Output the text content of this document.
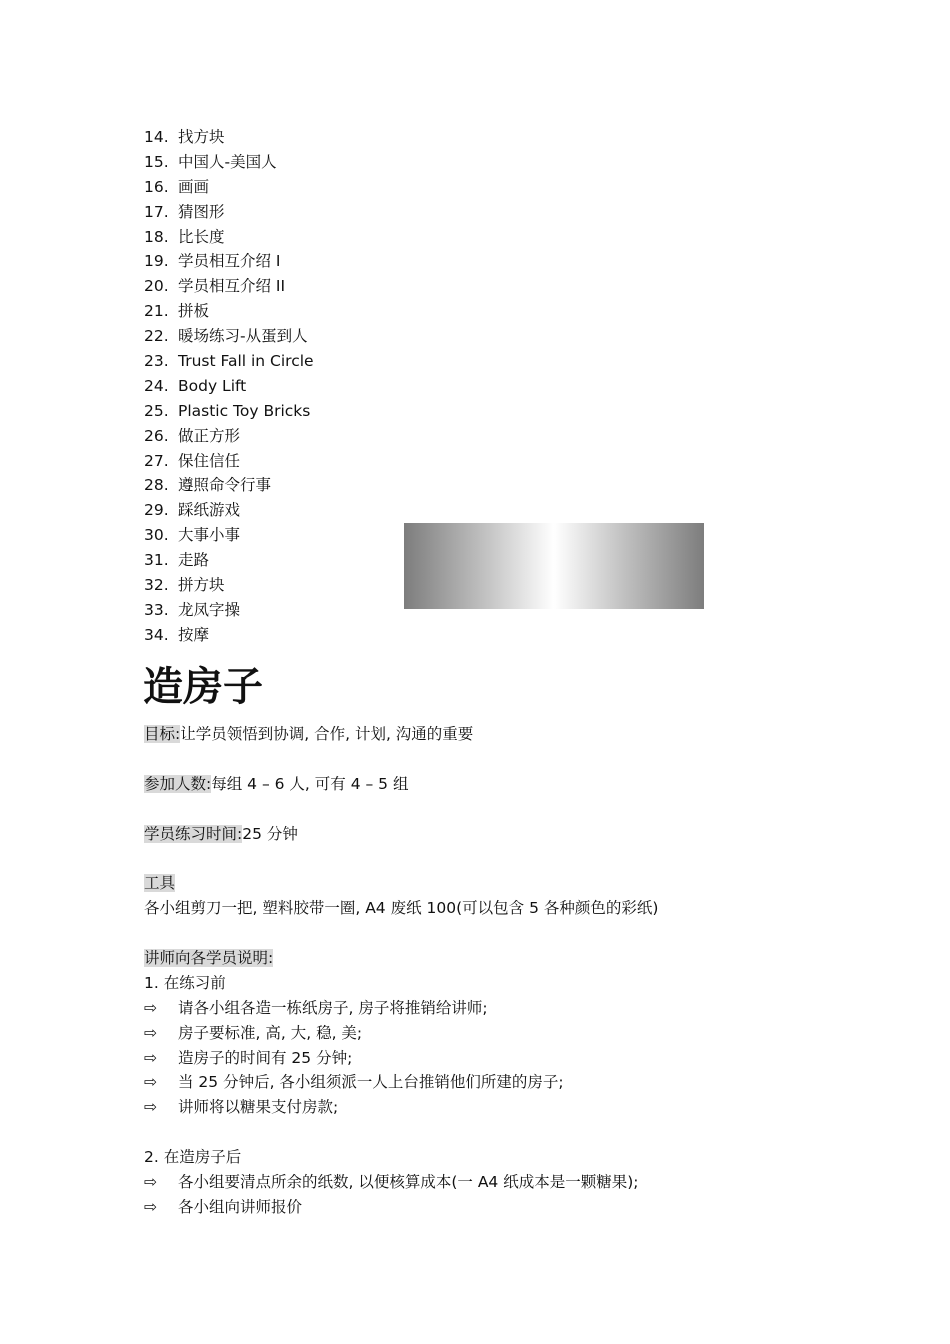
14. 找方块
15. 中国人-美国人
16. 画画
17. 猜图形
18. 比长度
19. 学员相互介绍 I
20. 学员相互介绍 II
21. 拼板
22. 暖场练习-从蛋到人
23. Trust Fall in Circle
24. Body Lift
25. Plastic Toy Bricks
26. 做正方形
27. 保住信任
28. 遵照命令行事
29. 踩纸游戏
30. 大事小事
31. 走路
32. 拼方块
33. 龙凤字操
34. 按摩
造房子
目标:让学员领悟到协调, 合作, 计划, 沟通的重要
参加人数:每组 4 – 6 人, 可有 4 – 5 组
学员练习时间:25 分钟
工具
各小组剪刀一把, 塑料胶带一圈, A4 废纸 100(可以包含 5 各种颜色的彩纸)
讲师向各学员说明:
1. 在练习前
⇨ 请各小组各造一栋纸房子, 房子将推销给讲师;
⇨ 房子要标准, 高, 大, 稳, 美;
⇨ 造房子的时间有 25 分钟;
⇨ 当 25 分钟后, 各小组须派一人上台推销他们所建的房子;
⇨ 讲师将以糖果支付房款;
2. 在造房子后
⇨ 各小组要清点所余的纸数, 以便核算成本(一 A4 纸成本是一颗糖果);
⇨ 各小组向讲师报价
